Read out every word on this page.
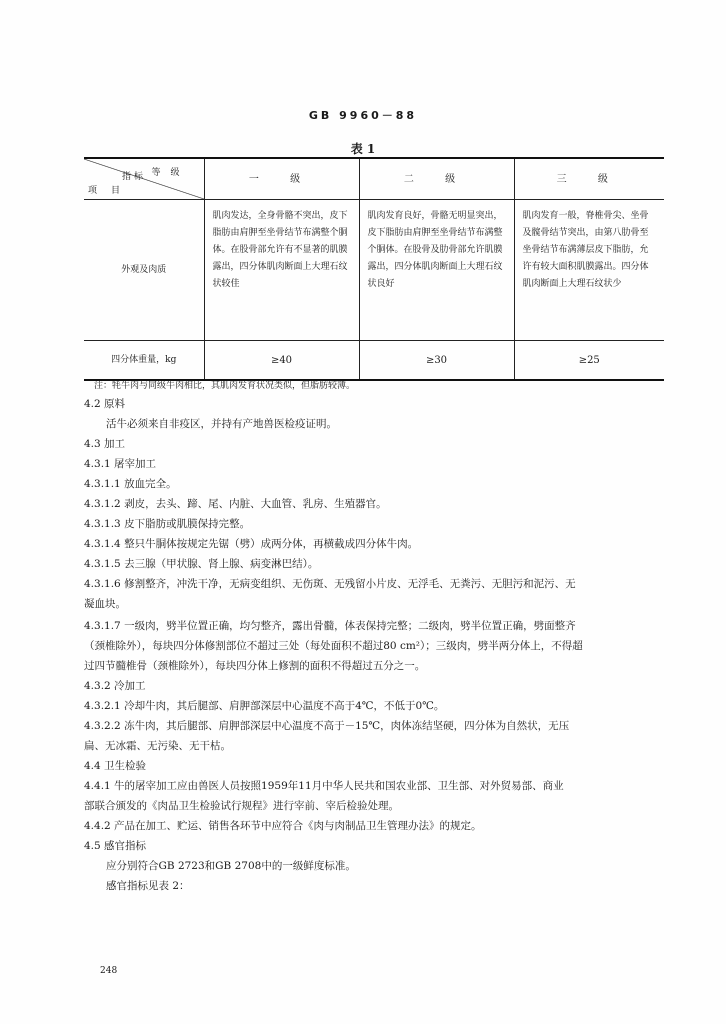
GB 9960－88
表 1
等级
指标
项目	一 级	二 级	三 级
外观及肉质	肌肉发达，全身骨骼不突出，皮下脂肪由肩胛至坐骨结节布满整个胴体。在股骨部允许有不显著的肌膜露出，四分体肌肉断面上大理石纹状较佳	肌肉发育良好，骨骼无明显突出，皮下脂肪由肩胛至坐骨结节布满整个胴体。在股骨及肋骨部允许肌膜露出，四分体肌肉断面上大理石纹状良好	肌肉发育一般，脊椎骨尖、坐骨及髋骨结节突出，由第八肋骨至坐骨结节布满薄层皮下脂肪，允许有较大面积肌膜露出。四分体肌肉断面上大理石纹状少
四分体重量，kg	≥40	≥30	≥25
注：牦牛肉与同级牛肉相比，其肌肉发育状况类似，但脂肪较薄。
4.2 原料
活牛必须来自非疫区，并持有产地兽医检疫证明。
4.3 加工
4.3.1 屠宰加工
4.3.1.1 放血完全。
4.3.1.2 剥皮，去头、蹄、尾、内脏、大血管、乳房、生殖器官。
4.3.1.3 皮下脂肪或肌膜保持完整。
4.3.1.4 整只牛胴体按规定先锯（劈）成两分体，再横截成四分体牛肉。
4.3.1.5 去三腺（甲状腺、肾上腺、病变淋巴结）。
4.3.1.6 修割整齐，冲洗干净，无病变组织、无伤斑、无残留小片皮、无浮毛、无粪污、无胆污和泥污、无
凝血块。
4.3.1.7 一级肉，劈半位置正确，均匀整齐，露出骨髓，体表保持完整；二级肉，劈半位置正确，劈面整齐
（颈椎除外），每块四分体修割部位不超过三处（每处面积不超过80 cm²）；三级肉，劈半两分体上，不得超
过四节髓椎骨（颈椎除外），每块四分体上修割的面积不得超过五分之一。
4.3.2 冷加工
4.3.2.1 冷却牛肉，其后腿部、肩胛部深层中心温度不高于4℃，不低于0℃。
4.3.2.2 冻牛肉，其后腿部、肩胛部深层中心温度不高于－15℃，肉体冻结坚硬，四分体为自然状，无压
扁、无冰霜、无污染、无干枯。
4.4 卫生检验
4.4.1 牛的屠宰加工应由兽医人员按照1959年11月中华人民共和国农业部、卫生部、对外贸易部、商业
部联合颁发的《肉品卫生检验试行规程》进行宰前、宰后检验处理。
4.4.2 产品在加工、贮运、销售各环节中应符合《肉与肉制品卫生管理办法》的规定。
4.5 感官指标
应分别符合GB 2723和GB 2708中的一级鲜度标准。
感官指标见表 2：
248
